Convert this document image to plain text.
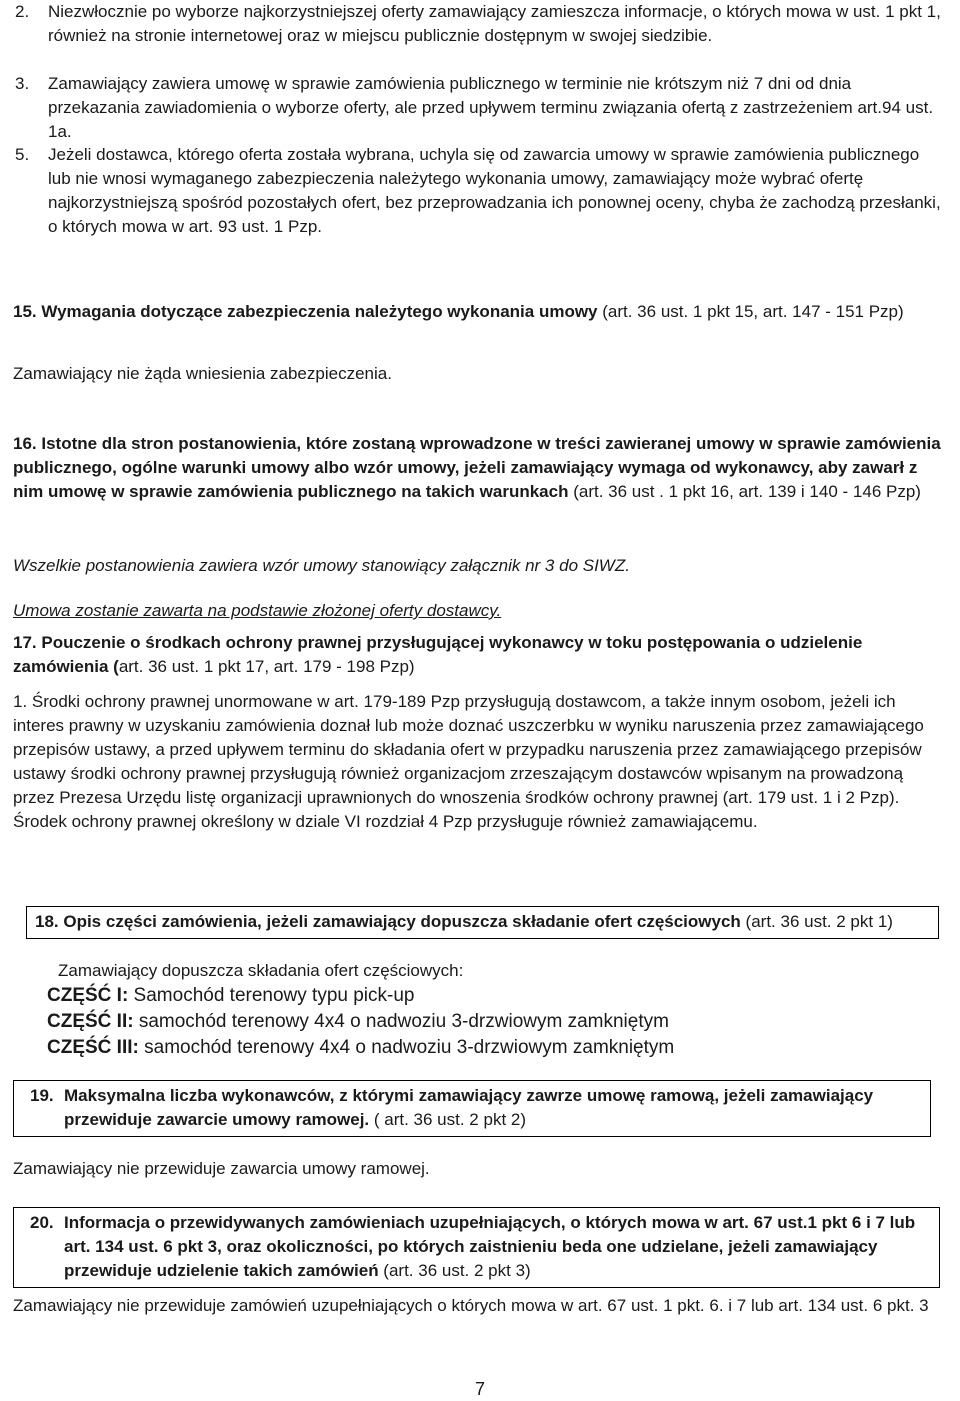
2. Niezwłocznie po wyborze najkorzystniejszej oferty zamawiający zamieszcza informacje, o których mowa w ust. 1 pkt 1, również na stronie internetowej oraz w miejscu publicznie dostępnym w swojej siedzibie.

3. Zamawiający zawiera umowę w sprawie zamówienia publicznego w terminie nie krótszym niż 7 dni od dnia przekazania zawiadomienia o wyborze oferty, ale przed upływem terminu związania ofertą z zastrzeżeniem art.94 ust. 1a.

5. Jeżeli dostawca, którego oferta została wybrana, uchyla się od zawarcia umowy w sprawie zamówienia publicznego lub nie wnosi wymaganego zabezpieczenia należytego wykonania umowy, zamawiający może wybrać ofertę najkorzystniejszą spośród pozostałych ofert, bez przeprowadzania ich ponownej oceny, chyba że zachodzą przesłanki, o których mowa w art. 93 ust. 1 Pzp.

15. Wymagania dotyczące zabezpieczenia należytego wykonania umowy (art. 36 ust. 1 pkt 15, art. 147 - 151 Pzp)

Zamawiający nie żąda wniesienia zabezpieczenia.

16. Istotne dla stron postanowienia, które zostaną wprowadzone w treści zawieranej umowy w sprawie zamówienia publicznego, ogólne warunki umowy albo wzór umowy, jeżeli zamawiający wymaga od wykonawcy, aby zawarł z nim umowę w sprawie zamówienia publicznego na takich warunkach (art. 36 ust . 1 pkt 16, art. 139 i 140 - 146 Pzp)

Wszelkie postanowienia zawiera wzór umowy stanowiący załącznik nr 3 do SIWZ.

Umowa zostanie zawarta na podstawie złożonej oferty dostawcy.

17. Pouczenie o środkach ochrony prawnej przysługującej wykonawcy w toku postępowania o udzielenie zamówienia (art. 36 ust. 1 pkt 17, art. 179 - 198 Pzp)

1. Środki ochrony prawnej unormowane w art. 179-189 Pzp przysługują dostawcom, a także innym osobom, jeżeli ich interes prawny w uzyskaniu zamówienia doznał lub może doznać uszczerbku w wyniku naruszenia przez zamawiającego przepisów ustawy, a przed upływem terminu do składania ofert w przypadku naruszenia przez zamawiającego przepisów ustawy środki ochrony prawnej przysługują również organizacjom zrzeszającym dostawców wpisanym na prowadzoną przez Prezesa Urzędu listę organizacji uprawnionych do wnoszenia środków ochrony prawnej (art. 179 ust. 1 i 2 Pzp). Środek ochrony prawnej określony w dziale VI rozdział 4 Pzp przysługuje również zamawiającemu.

18. Opis części zamówienia, jeżeli zamawiający dopuszcza składanie ofert częściowych (art. 36 ust. 2 pkt 1)

Zamawiający dopuszcza składania ofert częściowych:

CZĘŚĆ I: Samochód terenowy typu pick-up
CZĘŚĆ II: samochód terenowy 4x4 o nadwoziu 3-drzwiowym zamkniętym
CZĘŚĆ III: samochód terenowy 4x4 o nadwoziu 3-drzwiowym zamkniętym
19. Maksymalna liczba wykonawców, z którymi zamawiający zawrze umowę ramową, jeżeli zamawiający przewiduje zawarcie umowy ramowej. ( art. 36 ust. 2 pkt 2)

Zamawiający nie przewiduje zawarcia umowy ramowej.

20. Informacja o przewidywanych zamówieniach uzupełniających, o których mowa w art. 67 ust.1 pkt 6 i 7 lub art. 134 ust. 6 pkt 3, oraz okoliczności, po których zaistnieniu beda one udzielane, jeżeli zamawiający przewiduje udzielenie takich zamówień (art. 36 ust. 2 pkt 3)

Zamawiający nie przewiduje zamówień uzupełniających o których mowa w art. 67 ust. 1 pkt. 6. i 7 lub art. 134 ust. 6 pkt. 3

7
